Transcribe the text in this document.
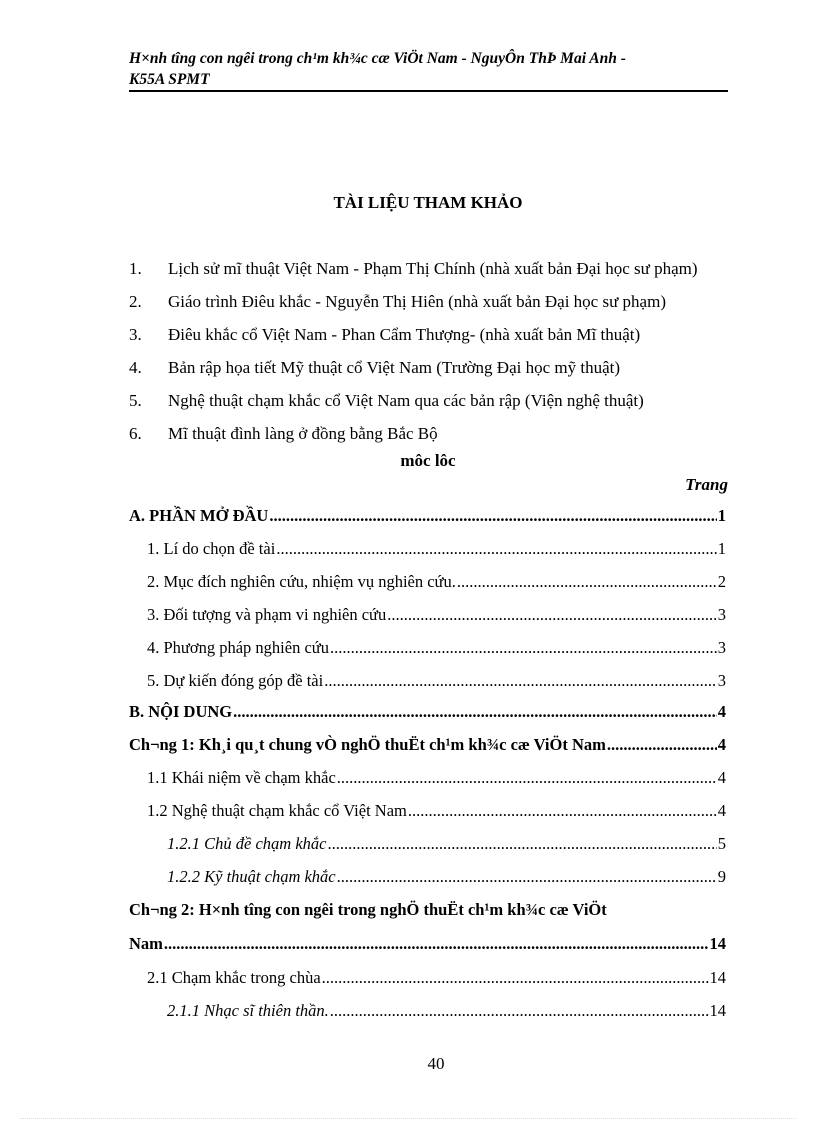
H×nh tîng con ngêi trong ch¹m kh¾c cæ ViÖt Nam - NguyÔn ThÞ Mai Anh -
K55A SPMT
TÀI LIỆU THAM KHẢO
1. Lịch sử mĩ thuật Việt Nam - Phạm Thị Chính (nhà xuất bản Đại học sư phạm)
2. Giáo trình Điêu khắc - Nguyễn Thị Hiên (nhà xuất bản Đại học sư phạm)
3. Điêu khắc cổ Việt Nam - Phan Cẩm Thượng- (nhà xuất bản Mĩ thuật)
4. Bản rập họa tiết Mỹ thuật cổ Việt Nam (Trường Đại học mỹ thuật)
5. Nghệ thuật chạm khắc cổ Việt Nam qua các bản rập (Viện nghệ thuật)
6. Mĩ thuật đình làng ở đồng bằng Bắc Bộ
môc lôc
Trang
A. PHẦN MỞ ĐẦU .....	1
1. Lí do chọn đề tài .....	1
2. Mục đích nghiên cứu, nhiệm vụ nghiên cứu. .....	2
3. Đối tượng và phạm vi nghiên cứu .....	3
4. Phương pháp nghiên cứu .....	3
5. Dự kiến đóng góp đề tài .....	3
B. NỘI DUNG .....	4
Ch¬ng 1: Kh¸i qu¸t chung vÒ nghÖ thuËt ch¹m kh¾c cæ ViÖt Nam .....	4
1.1 Khái niệm về chạm khắc .....	4
1.2 Nghệ thuật chạm khắc cổ Việt Nam .....	4
1.2.1 Chủ đề chạm khắc .....	5
1.2.2 Kỹ thuật chạm khắc .....	9
Ch¬ng 2: H×nh tîng con ngêi trong nghÖ thuËt ch¹m kh¾c cæ ViÖt
Nam .....	14
2.1 Chạm khắc trong chùa .....	14
2.1.1 Nhạc sĩ thiên thần. .....	14
40
